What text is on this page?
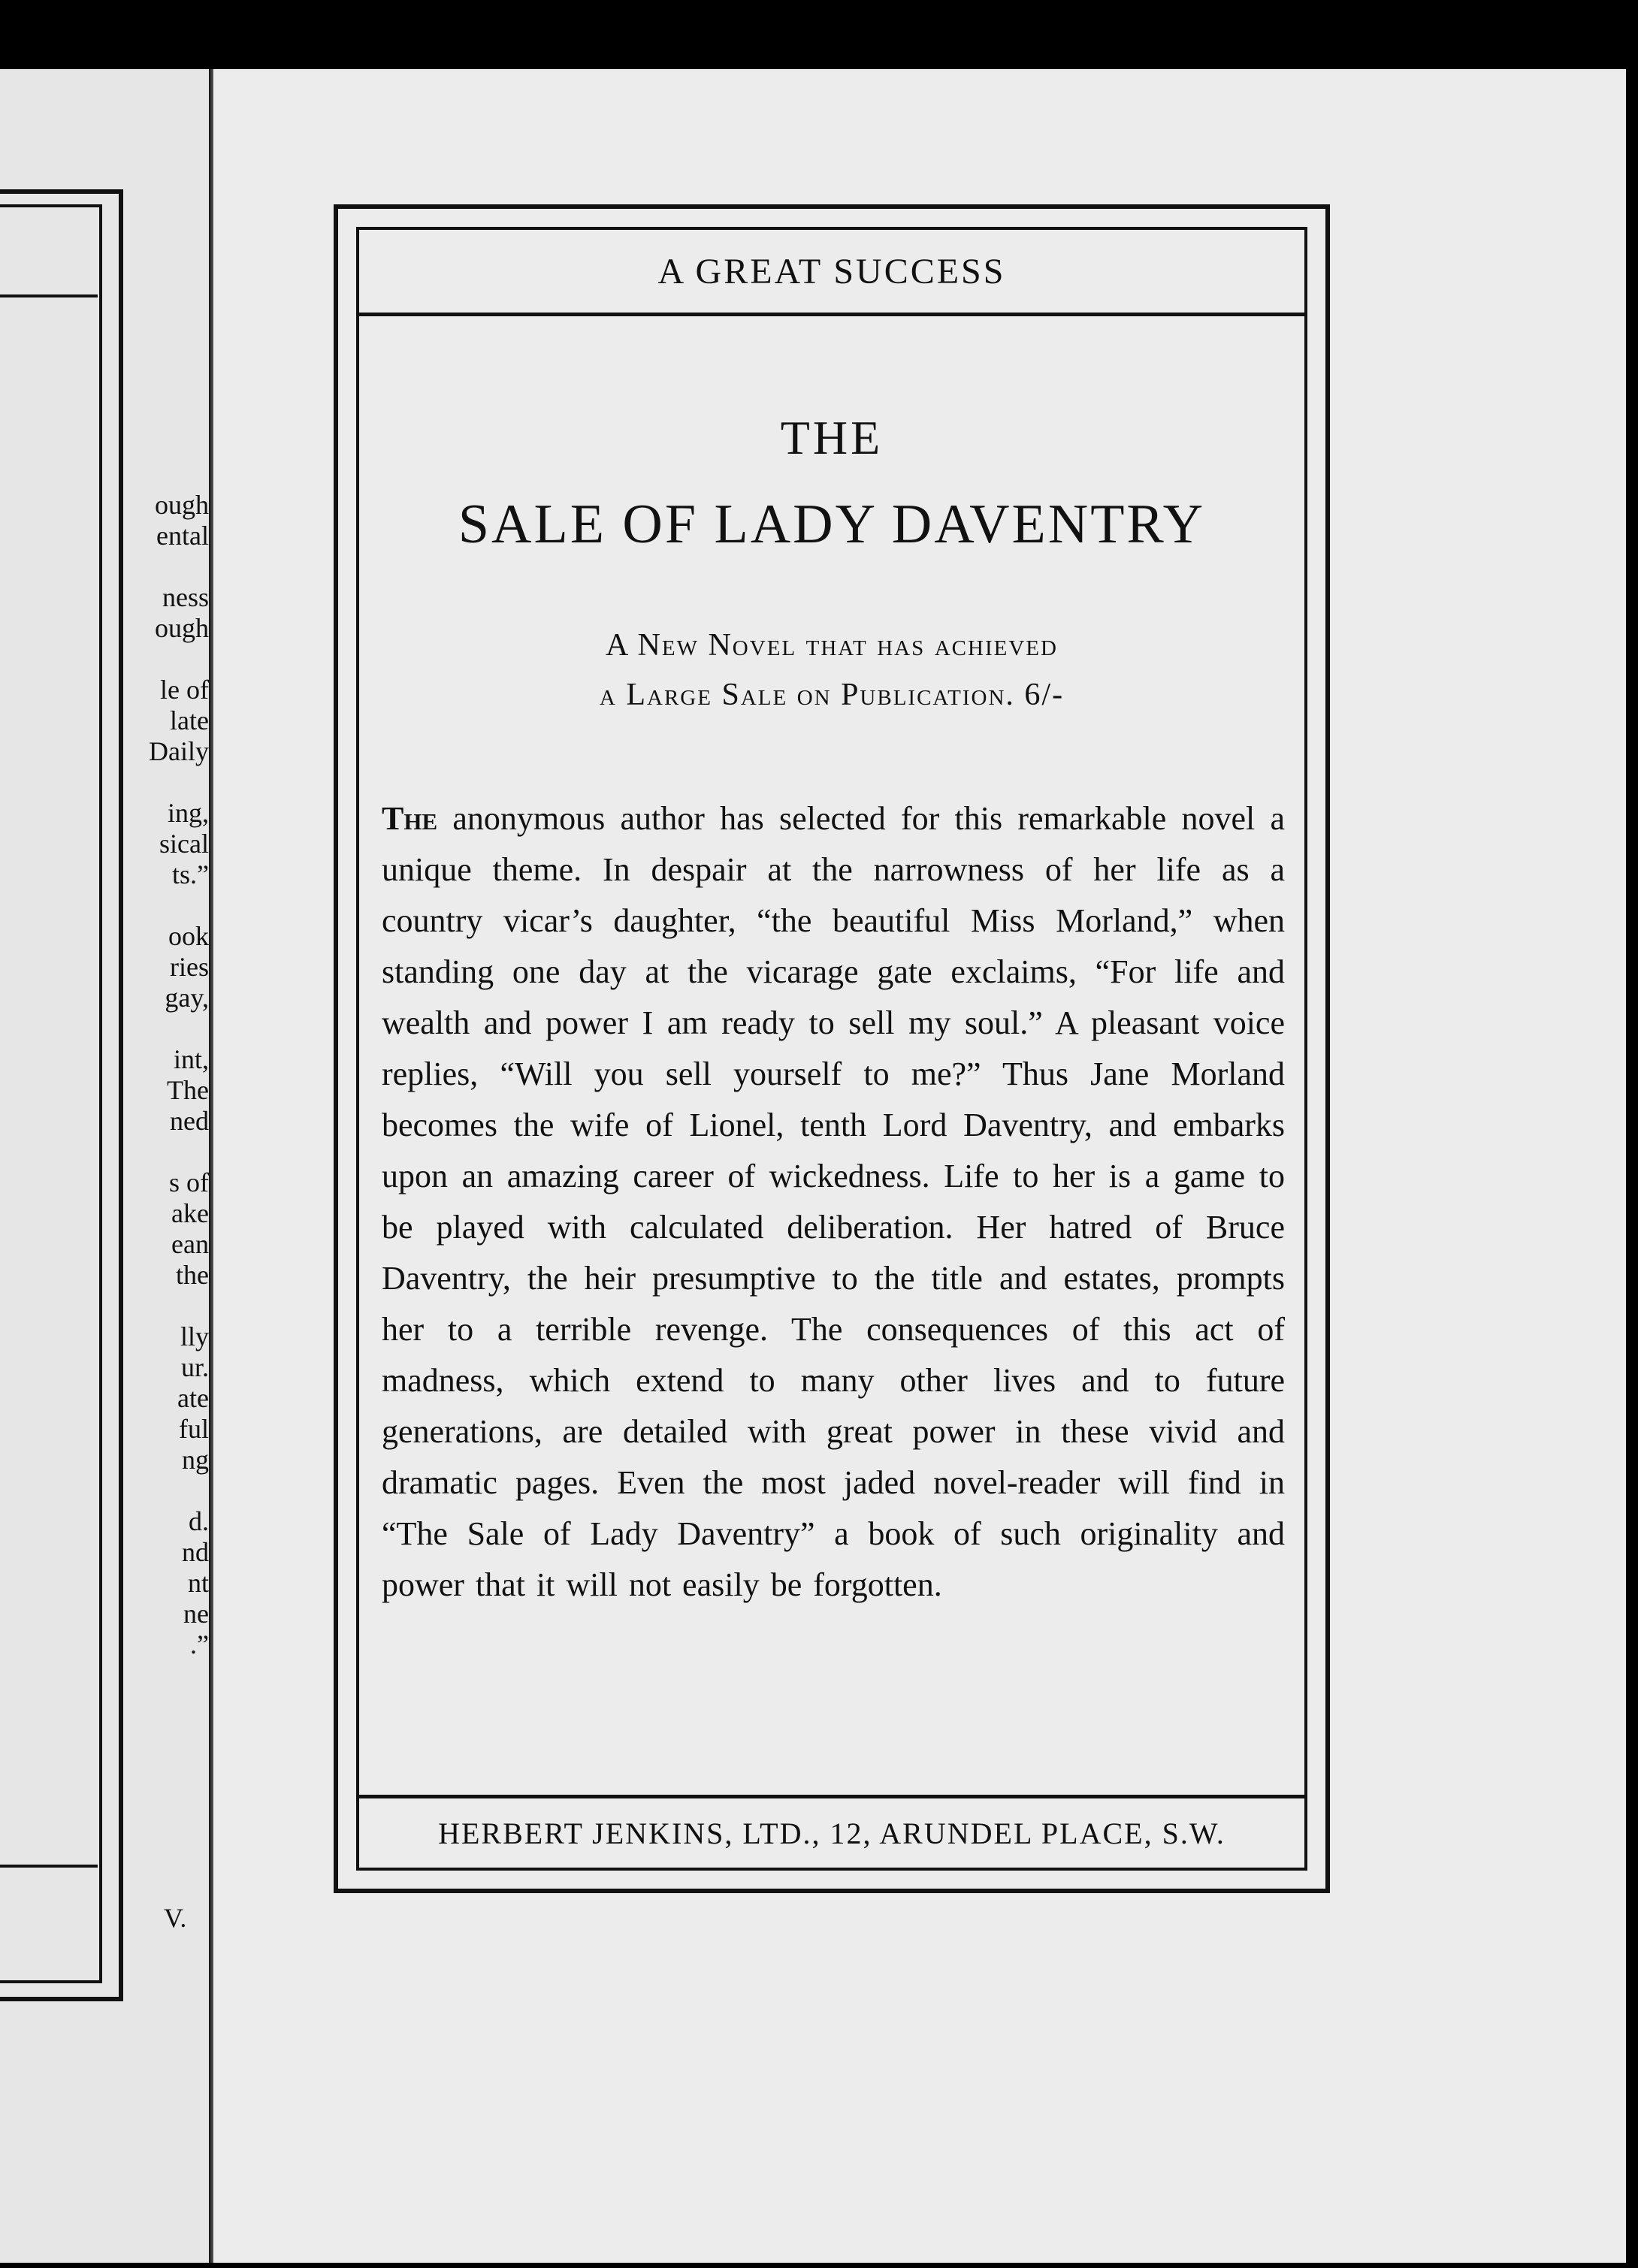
ough
ental
ness
ough
le of
late
Daily
ing,
sical
ts.”
ook
ries
gay,
int,
The
ned
s of
ake
ean
the
lly
ur.
ate
ful
ng
d.
nd
nt
ne
.”
V.
A GREAT SUCCESS
THE
SALE OF LADY DAVENTRY
A New Novel that has achieved
a Large Sale on Publication. 6/-
The anonymous author has selected for this remarkable novel a unique theme. In despair at the narrowness of her life as a country vicar’s daughter, “the beautiful Miss Morland,” when standing one day at the vicarage gate exclaims, “For life and wealth and power I am ready to sell my soul.” A pleasant voice replies, “Will you sell yourself to me?” Thus Jane Morland becomes the wife of Lionel, tenth Lord Daventry, and embarks upon an amazing career of wickedness. Life to her is a game to be played with calculated deliberation. Her hatred of Bruce Daventry, the heir presumptive to the title and estates, prompts her to a terrible revenge. The consequences of this act of madness, which extend to many other lives and to future generations, are detailed with great power in these vivid and dramatic pages. Even the most jaded novel-reader will find in “The Sale of Lady Daventry” a book of such originality and power that it will not easily be forgotten.
HERBERT JENKINS, LTD., 12, ARUNDEL PLACE, S.W.
